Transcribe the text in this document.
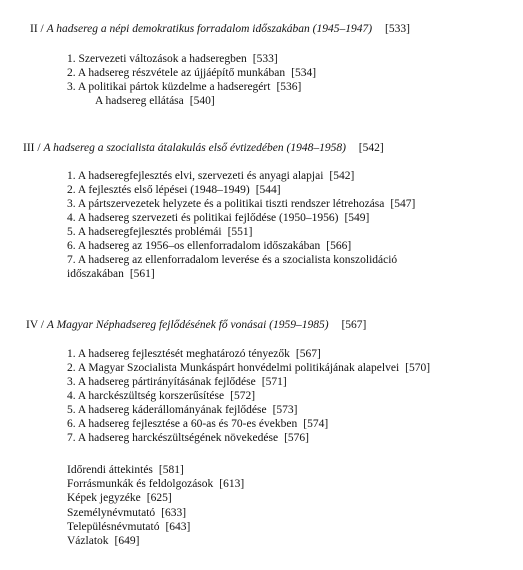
II / A hadsereg a népi demokratikus forradalom időszakában (1945–1947) [533]
1. Szervezeti változások a hadseregben [533]
2. A hadsereg részvétele az újjáépítő munkában [534]
3. A politikai pártok küzdelme a hadseregért [536]
A hadsereg ellátása [540]
III / A hadsereg a szocialista átalakulás első évtizedében (1948–1958) [542]
1. A hadseregfejlesztés elvi, szervezeti és anyagi alapjai [542]
2. A fejlesztés első lépései (1948–1949) [544]
3. A pártszervezetek helyzete és a politikai tiszti rendszer létrehozása [547]
4. A hadsereg szervezeti és politikai fejlődése (1950–1956) [549]
5. A hadseregfejlesztés problémái [551]
6. A hadsereg az 1956–os ellenforradalom időszakában [566]
7. A hadsereg az ellenforradalom leverése és a szocialista konszolidáció időszakában [561]
IV / A Magyar Néphadsereg fejlődésének fő vonásai (1959–1985) [567]
1. A hadsereg fejlesztését meghatározó tényezők [567]
2. A Magyar Szocialista Munkáspárt honvédelmi politikájának alapelvei [570]
3. A hadsereg pártirányításának fejlődése [571]
4. A harckészültség korszerűsítése [572]
5. A hadsereg káderállományának fejlődése [573]
6. A hadsereg fejlesztése a 60-as és 70-es években [574]
7. A hadsereg harckészültségének növekedése [576]
Időrendi áttekintés [581]
Forrásmunkák és feldolgozások [613]
Képek jegyzéke [625]
Személynévmutató [633]
Településnévmutató [643]
Vázlatok [649]
